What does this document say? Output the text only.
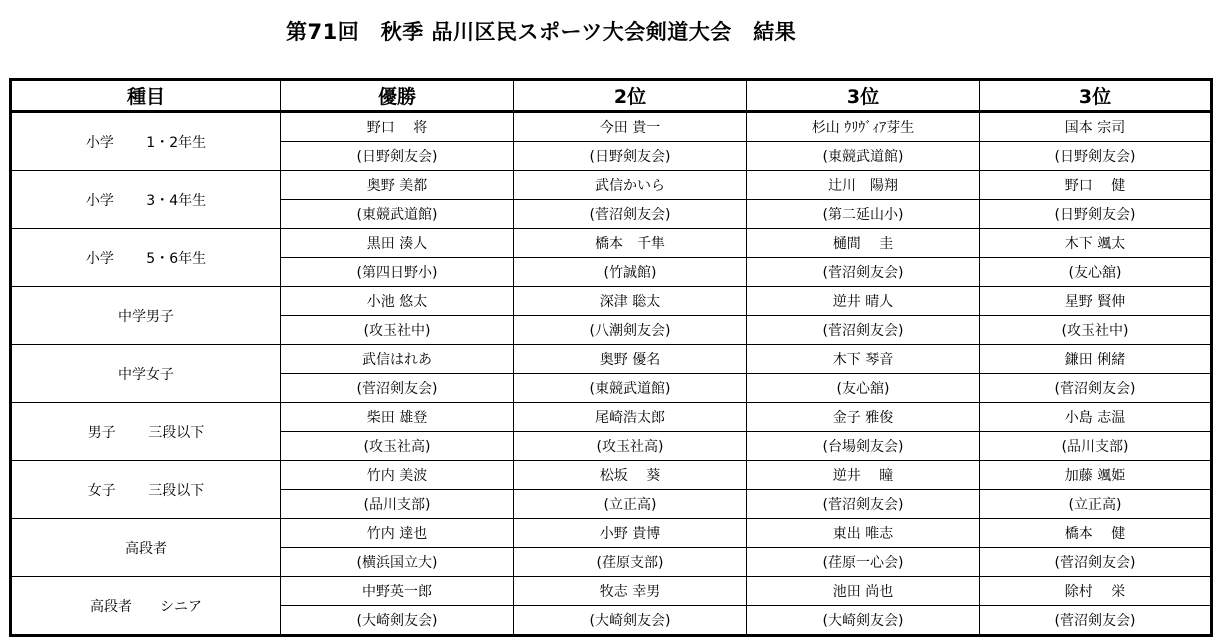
第71回　秋季 品川区民スポーツ大会剣道大会　結果
種目	優勝	2位	3位	3位
小学　　 1・2年生	野口　 将	今田 貴一	杉山 ｳﾘｳﾞｨｱ芽生	国本 宗司
	(日野剣友会)	(日野剣友会)	(東競武道館)	(日野剣友会)
小学　　 3・4年生	奥野 美都	武信かいら	辻川　陽翔	野口　 健
	(東競武道館)	(菅沼剣友会)	(第二延山小)	(日野剣友会)
小学　　 5・6年生	黒田 湊人	橋本　千隼	樋間　 圭	木下 颯太
	(第四日野小)	(竹誠館)	(菅沼剣友会)	(友心舘)
中学男子	小池 悠太	深津 聡太	逆井 晴人	星野 賢伸
	(攻玉社中)	(八潮剣友会)	(菅沼剣友会)	(攻玉社中)
中学女子	武信はれあ	奥野 優名	木下 琴音	鎌田 俐緒
	(菅沼剣友会)	(東競武道館)	(友心舘)	(菅沼剣友会)
男子　　 三段以下	柴田 雄登	尾崎浩太郎	金子 雅俊	小島 志温
	(攻玉社高)	(攻玉社高)	(台場剣友会)	(品川支部)
女子　　 三段以下	竹内 美波	松坂　 葵	逆井　 瞳	加藤 颯姫
	(品川支部)	(立正高)	(菅沼剣友会)	(立正高)
高段者	竹内 達也	小野 貴博	東出 唯志	橋本　 健
	(横浜国立大)	(荏原支部)	(荏原一心会)	(菅沼剣友会)
高段者　　シニア	中野英一郎	牧志 幸男	池田 尚也	除村　 栄
	(大崎剣友会)	(大崎剣友会)	(大崎剣友会)	(菅沼剣友会)
